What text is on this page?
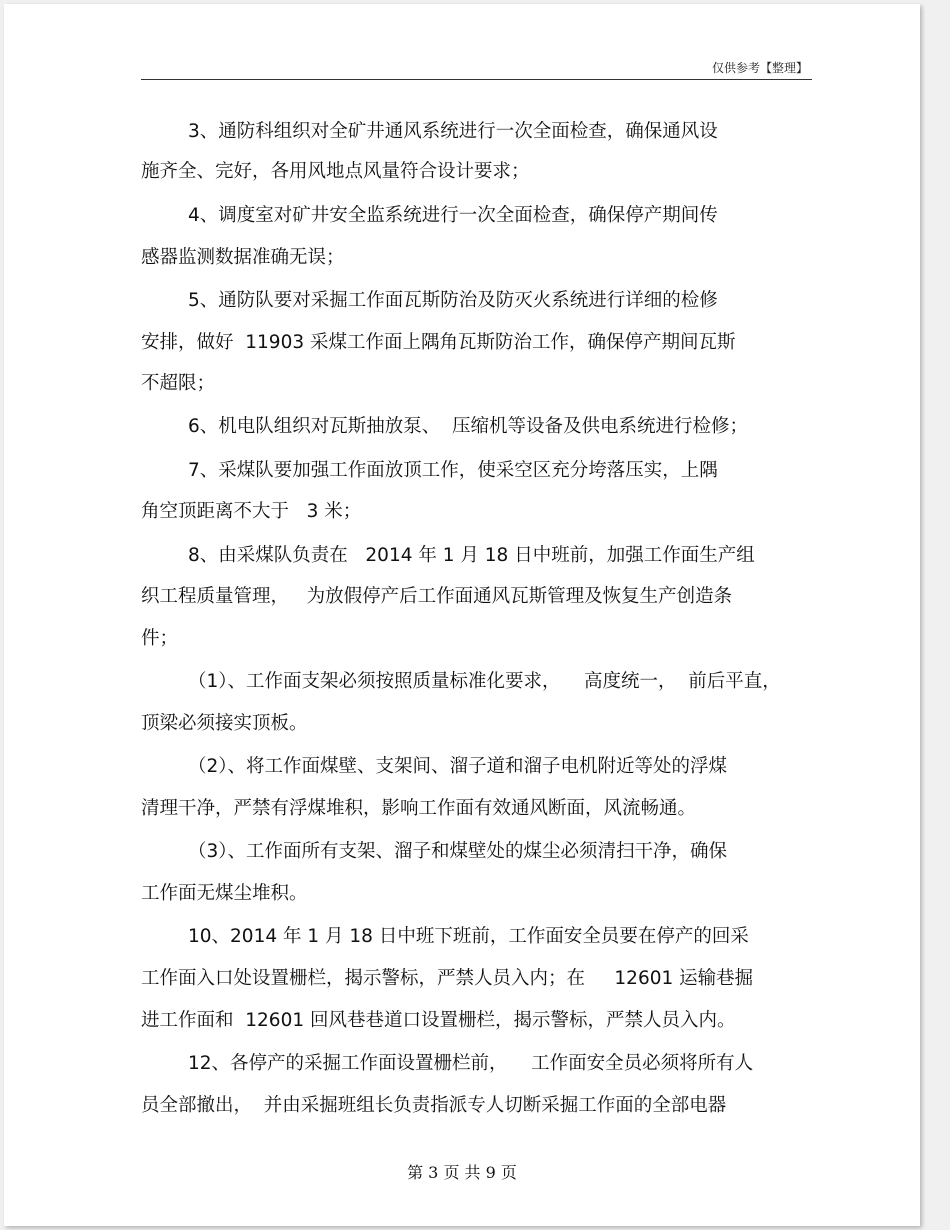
仅供参考【整理】
3、通防科组织对全矿井通风系统进行一次全面检查，确保通风设
施齐全、完好，各用风地点风量符合设计要求；
4、调度室对矿井安全监系统进行一次全面检查，确保停产期间传
感器监测数据准确无误；
5、通防队要对采掘工作面瓦斯防治及防灭火系统进行详细的检修
安排，做好  11903 采煤工作面上隅角瓦斯防治工作，确保停产期间瓦斯
不超限；
6、机电队组织对瓦斯抽放泵、  压缩机等设备及供电系统进行检修；
7、采煤队要加强工作面放顶工作，使采空区充分垮落压实，上隅
角空顶距离不大于   3 米；
8、由采煤队负责在   2014 年 1 月 18 日中班前，加强工作面生产组
织工程质量管理，   为放假停产后工作面通风瓦斯管理及恢复生产创造条
件；
（1）、工作面支架必须按照质量标准化要求，    高度统一，  前后平直，
顶梁必须接实顶板。
（2）、将工作面煤壁、支架间、溜子道和溜子电机附近等处的浮煤
清理干净，严禁有浮煤堆积，影响工作面有效通风断面，风流畅通。
（3）、工作面所有支架、溜子和煤壁处的煤尘必须清扫干净，确保
工作面无煤尘堆积。
10、2014 年 1 月 18 日中班下班前，工作面安全员要在停产的回采
工作面入口处设置栅栏，揭示警标，严禁人员入内；在     12601 运输巷掘
进工作面和  12601 回风巷巷道口设置栅栏，揭示警标，严禁人员入内。
12、各停产的采掘工作面设置栅栏前，    工作面安全员必须将所有人
员全部撤出，  并由采掘班组长负责指派专人切断采掘工作面的全部电器
第 3 页 共 9 页
